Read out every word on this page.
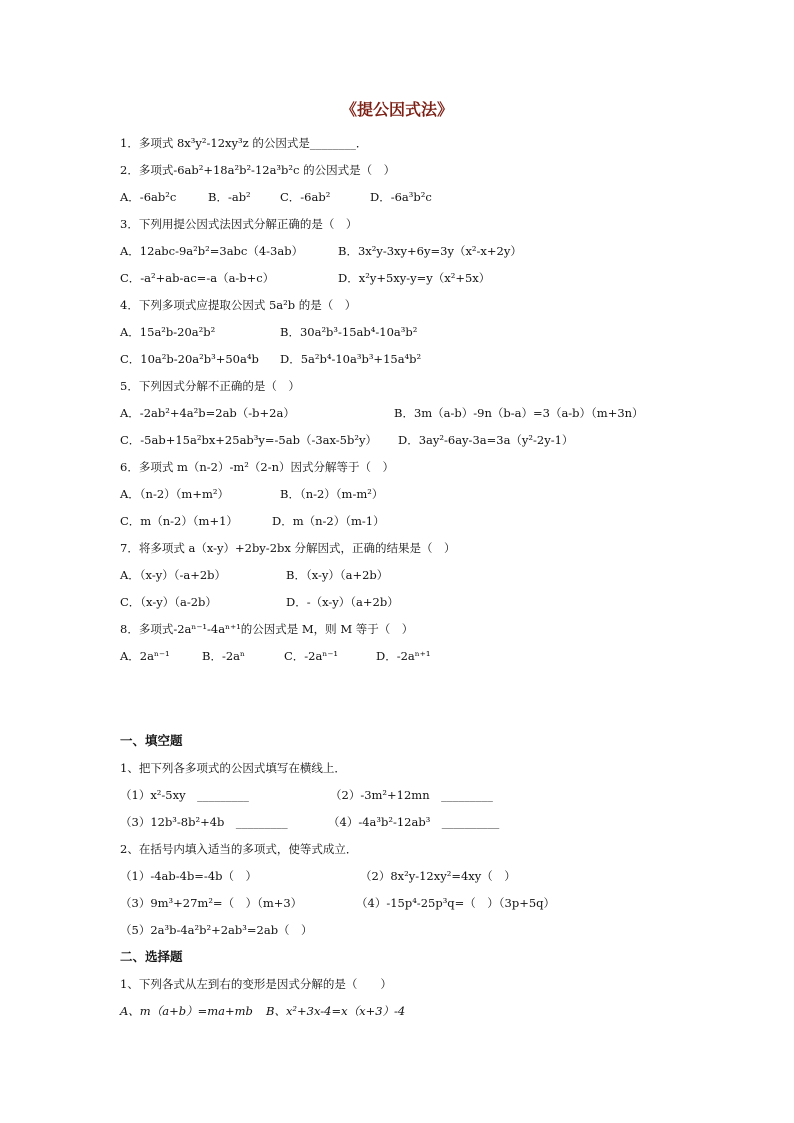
《提公因式法》
1．多项式 8x³y²-12xy³z 的公因式是________．
2．多项式-6ab²+18a²b²-12a³b²c 的公因式是（　）
A．-6ab²c	B．-ab²	C．-6ab²	D．-6a³b²c
3．下列用提公因式法因式分解正确的是（　）
A．12abc-9a²b²=3abc（4-3ab）	B．3x²y-3xy+6y=3y（x²-x+2y）
C．-a²+ab-ac=-a（a-b+c）	D．x²y+5xy-y=y（x²+5x）
4．下列多项式应提取公因式 5a²b 的是（　）
A．15a²b-20a²b²	B．30a²b³-15ab⁴-10a³b²
C．10a²b-20a²b³+50a⁴b D．5a²b⁴-10a³b³+15a⁴b²
5．下列因式分解不正确的是（　）
A．-2ab²+4a²b=2ab（-b+2a）	B．3m（a-b）-9n（b-a）=3（a-b）（m+3n）
C．-5ab+15a²bx+25ab³y=-5ab（-3ax-5b²y） D．3ay²-6ay-3a=3a（y²-2y-1）
6．多项式 m（n-2）-m²（2-n）因式分解等于（　）
A．（n-2）（m+m²）	B．（n-2）（m-m²）
C．m（n-2）（m+1）	D．m（n-2）（m-1）
7．将多项式 a（x-y）+2by-2bx 分解因式，正确的结果是（　）
A．（x-y）（-a+2b）	B．（x-y）（a+2b）
C．（x-y）（a-2b）	D．-（x-y）（a+2b）
8．多项式-2aⁿ⁻¹-4aⁿ⁺¹的公因式是 M，则 M 等于（　）
A．2aⁿ⁻¹	B．-2aⁿ	C．-2aⁿ⁻¹	D．-2aⁿ⁺¹
一、填空题
1、把下列各多项式的公因式填写在横线上．
（1）x²-5xy　_________	（2）-3m²+12mn　_________
（3）12b³-8b²+4b　_________	（4）-4a³b²-12ab³　__________
2、在括号内填入适当的多项式，使等式成立．
（1）-4ab-4b=-4b（　）	（2）8x²y-12xy²=4xy（　）
（3）9m³+27m²=（　）（m+3）	（4）-15p⁴-25p³q=（　）（3p+5q）
（5）2a³b-4a²b²+2ab³=2ab（　）
二、选择题
1、下列各式从左到右的变形是因式分解的是（　　）
A、m（a+b）=ma+mb B、x²+3x-4=x（x+3）-4
